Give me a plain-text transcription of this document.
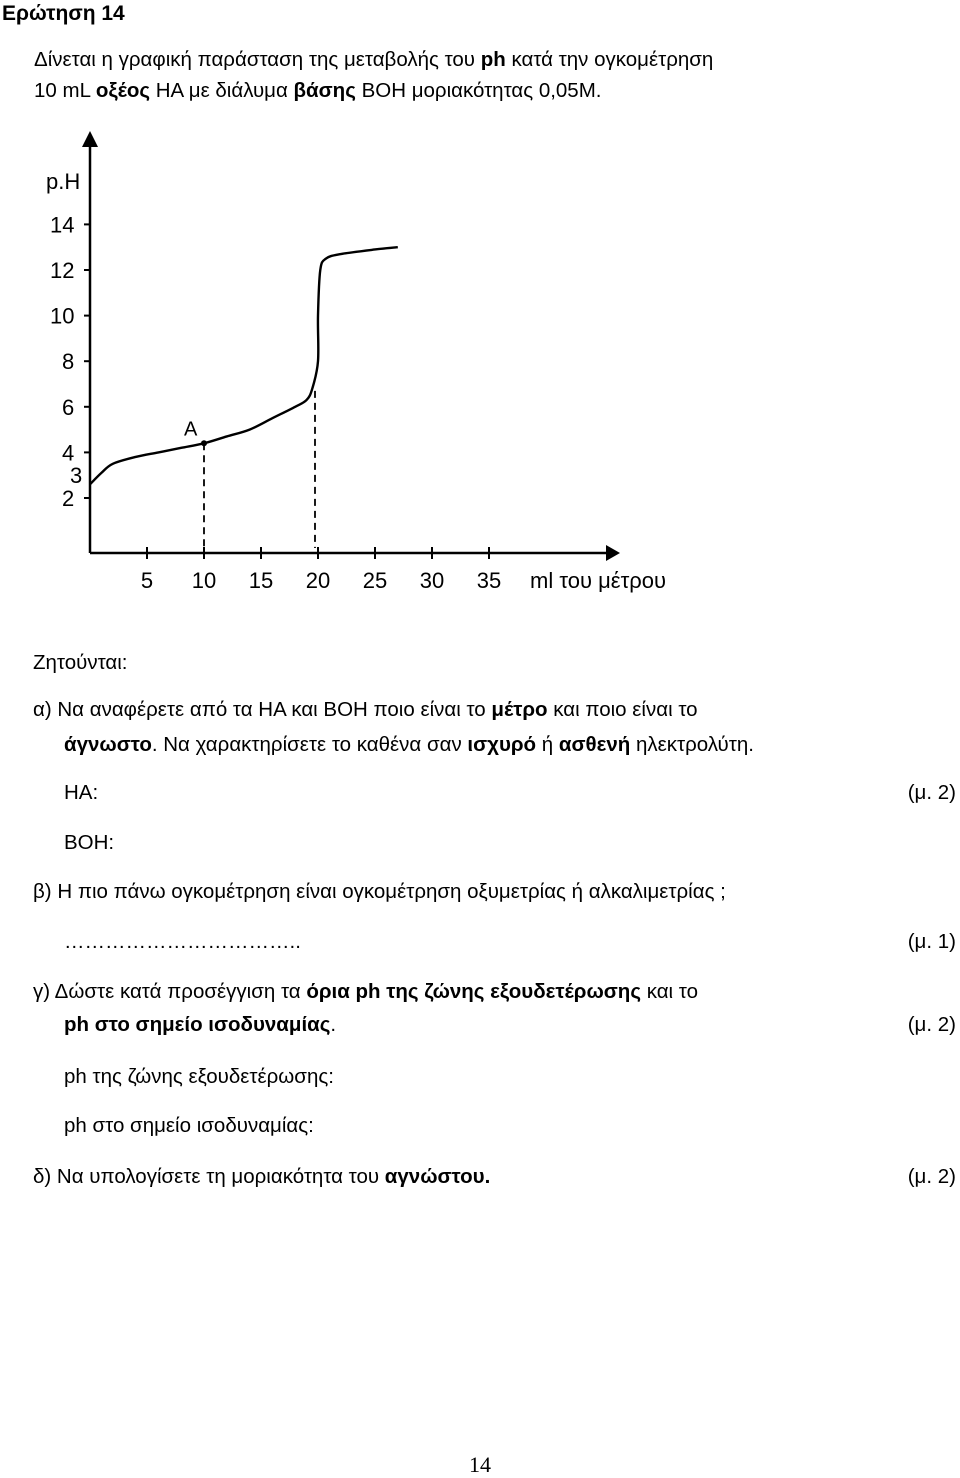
Ερώτηση 14
Δίνεται η γραφική παράσταση της μεταβολής του ph κατά την ογκομέτρηση
10 mL οξέος HA με διάλυμα βάσης BOH μοριακότητας 0,05M.
p.H
14
12
10
8
6
4
3
2
5 10 15 20 25 30 35 ml του μέτρου
A
Ζητούνται:
α) Να αναφέρετε από τα HA και BOH ποιο είναι το μέτρο και ποιο είναι το
άγνωστο. Να χαρακτηρίσετε το καθένα σαν ισχυρό ή ασθενή ηλεκτρολύτη.
HA:	(μ. 2)
BOH:
β) Η πιο πάνω ογκομέτρηση είναι ογκομέτρηση οξυμετρίας ή αλκαλιμετρίας ;
……………………………..	(μ. 1)
γ) Δώστε κατά προσέγγιση τα όρια ph της ζώνης εξουδετέρωσης και το
ph στο σημείο ισοδυναμίας.	(μ. 2)
ph της ζώνης εξουδετέρωσης:
ph στο σημείο ισοδυναμίας:
δ) Να υπολογίσετε τη μοριακότητα του αγνώστου.	(μ. 2)
14
